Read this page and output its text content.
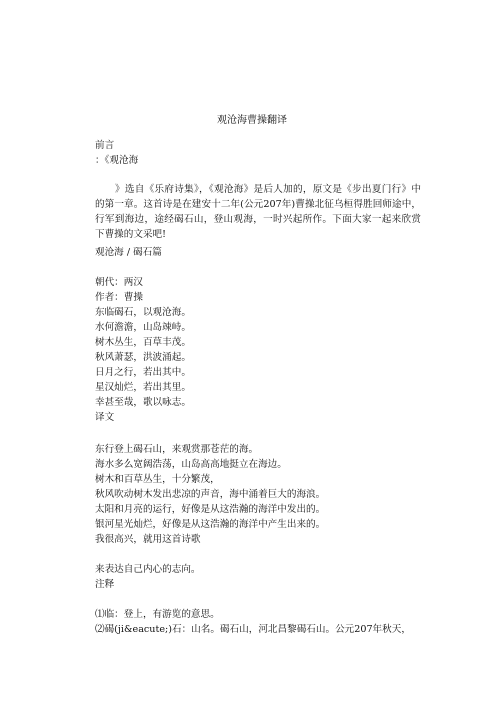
观沧海曹操翻译
前言
：《观沧海
》选自《乐府诗集》，《观沧海》是后人加的，原文是《步出夏门行》中的第一章。这首诗是在建安十二年(公元207年)曹操北征乌桓得胜回师途中，行军到海边，途经碣石山，登山观海，一时兴起所作。下面大家一起来欣赏下曹操的文采吧!
观沧海 / 碣石篇
朝代：两汉
作者：曹操
东临碣石，以观沧海。
水何澹澹，山岛竦峙。
树木丛生，百草丰茂。
秋风萧瑟，洪波涌起。
日月之行，若出其中。
星汉灿烂，若出其里。
幸甚至哉，歌以咏志。
译文
东行登上碣石山，来观赏那苍茫的海。
海水多么宽阔浩荡，山岛高高地挺立在海边。
树木和百草丛生，十分繁茂，
秋风吹动树木发出悲凉的声音，海中涌着巨大的海浪。
太阳和月亮的运行，好像是从这浩瀚的海洋中发出的。
银河星光灿烂，好像是从这浩瀚的海洋中产生出来的。
我很高兴，就用这首诗歌
来表达自己内心的志向。
注释
⑴临：登上，有游览的意思。
⑵碣(ji&eacute;)石：山名。碣石山，河北昌黎碣石山。公元207年秋天，
